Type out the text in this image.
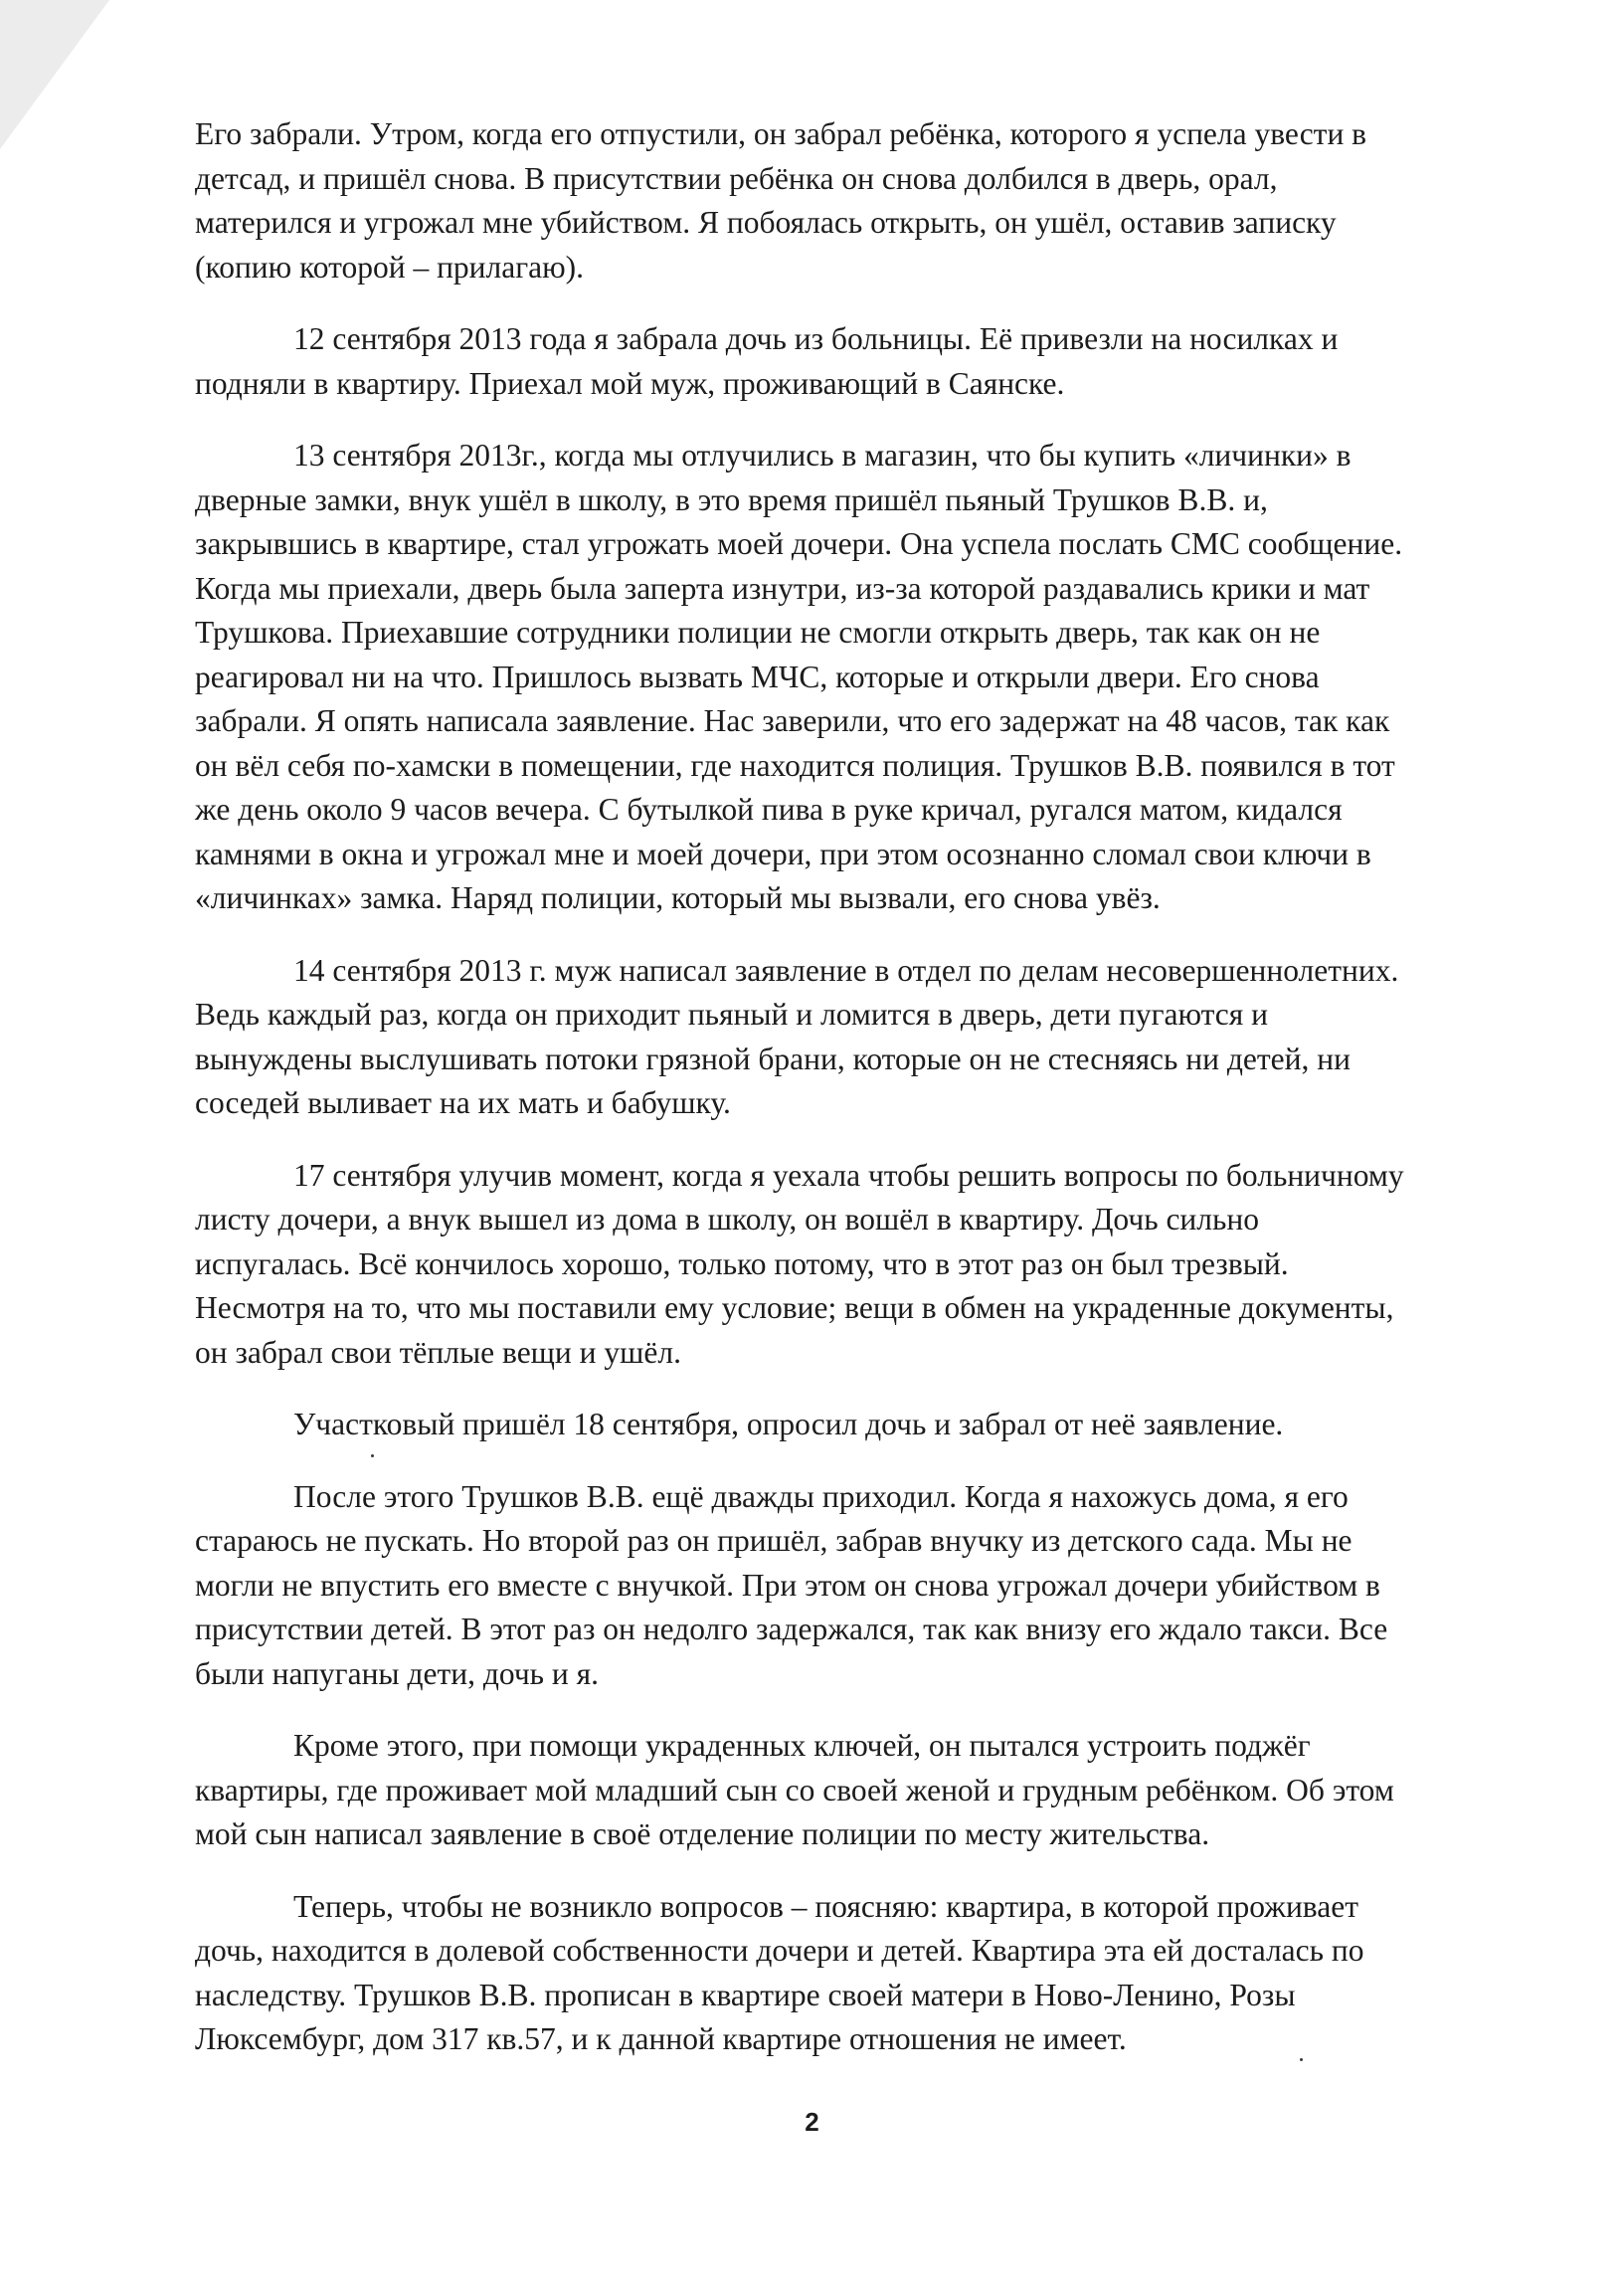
Его забрали. Утром, когда его отпустили, он забрал ребёнка, которого я успела увести в
детсад, и пришёл снова. В присутствии ребёнка он снова долбился в дверь, орал,
матерился и угрожал мне убийством. Я побоялась открыть, он ушёл, оставив записку
(копию которой – прилагаю).
12 сентября 2013 года я забрала дочь из больницы. Её привезли на носилках и
подняли в квартиру. Приехал мой муж, проживающий в Саянске.
13 сентября 2013г., когда мы отлучились в магазин, что бы купить «личинки» в
дверные замки, внук ушёл в школу, в это время пришёл пьяный Трушков В.В. и,
закрывшись в квартире, стал угрожать моей дочери. Она успела послать СМС сообщение.
Когда мы приехали, дверь была заперта изнутри, из-за которой раздавались крики и мат
Трушкова. Приехавшие сотрудники полиции не смогли открыть дверь, так как он не
реагировал ни на что. Пришлось вызвать МЧС, которые и открыли двери. Его снова
забрали. Я опять написала заявление. Нас заверили, что его задержат на 48 часов, так как
он вёл себя по-хамски в помещении, где находится полиция. Трушков В.В. появился в тот
же день около 9 часов вечера. С бутылкой пива в руке кричал, ругался матом, кидался
камнями в окна и угрожал мне и моей дочери, при этом осознанно сломал свои ключи в
«личинках» замка. Наряд полиции, который мы вызвали, его снова увёз.
14 сентября 2013 г. муж написал заявление в отдел по делам несовершеннолетних.
Ведь каждый раз, когда он приходит пьяный и ломится в дверь, дети пугаются и
вынуждены выслушивать потоки грязной брани, которые он не стесняясь ни детей, ни
соседей выливает на их мать и бабушку.
17 сентября улучив момент, когда я уехала чтобы решить вопросы по больничному
листу дочери, а внук вышел из дома в школу, он вошёл в квартиру. Дочь сильно
испугалась. Всё кончилось хорошо, только потому, что в этот раз он был трезвый.
Несмотря на то, что мы поставили ему условие; вещи в обмен на украденные документы,
он забрал свои тёплые вещи и ушёл.
Участковый пришёл 18 сентября, опросил дочь и забрал от неё заявление.
После этого Трушков В.В. ещё дважды приходил. Когда я нахожусь дома, я его
стараюсь не пускать. Но второй раз он пришёл, забрав внучку из детского сада. Мы не
могли не впустить его вместе с внучкой. При этом он снова угрожал дочери убийством в
присутствии детей. В этот раз он недолго задержался, так как внизу его ждало такси. Все
были напуганы дети, дочь и я.
Кроме этого, при помощи украденных ключей, он пытался устроить поджёг
квартиры, где проживает мой младший сын со своей женой и грудным ребёнком. Об этом
мой сын написал заявление в своё отделение полиции по месту жительства.
Теперь, чтобы не возникло вопросов – поясняю: квартира, в которой проживает
дочь, находится в долевой собственности дочери и детей. Квартира эта ей досталась по
наследству. Трушков В.В. прописан в квартире своей матери в Ново-Ленино, Розы
Люксембург, дом 317 кв.57, и к данной квартире отношения не имеет.
2
